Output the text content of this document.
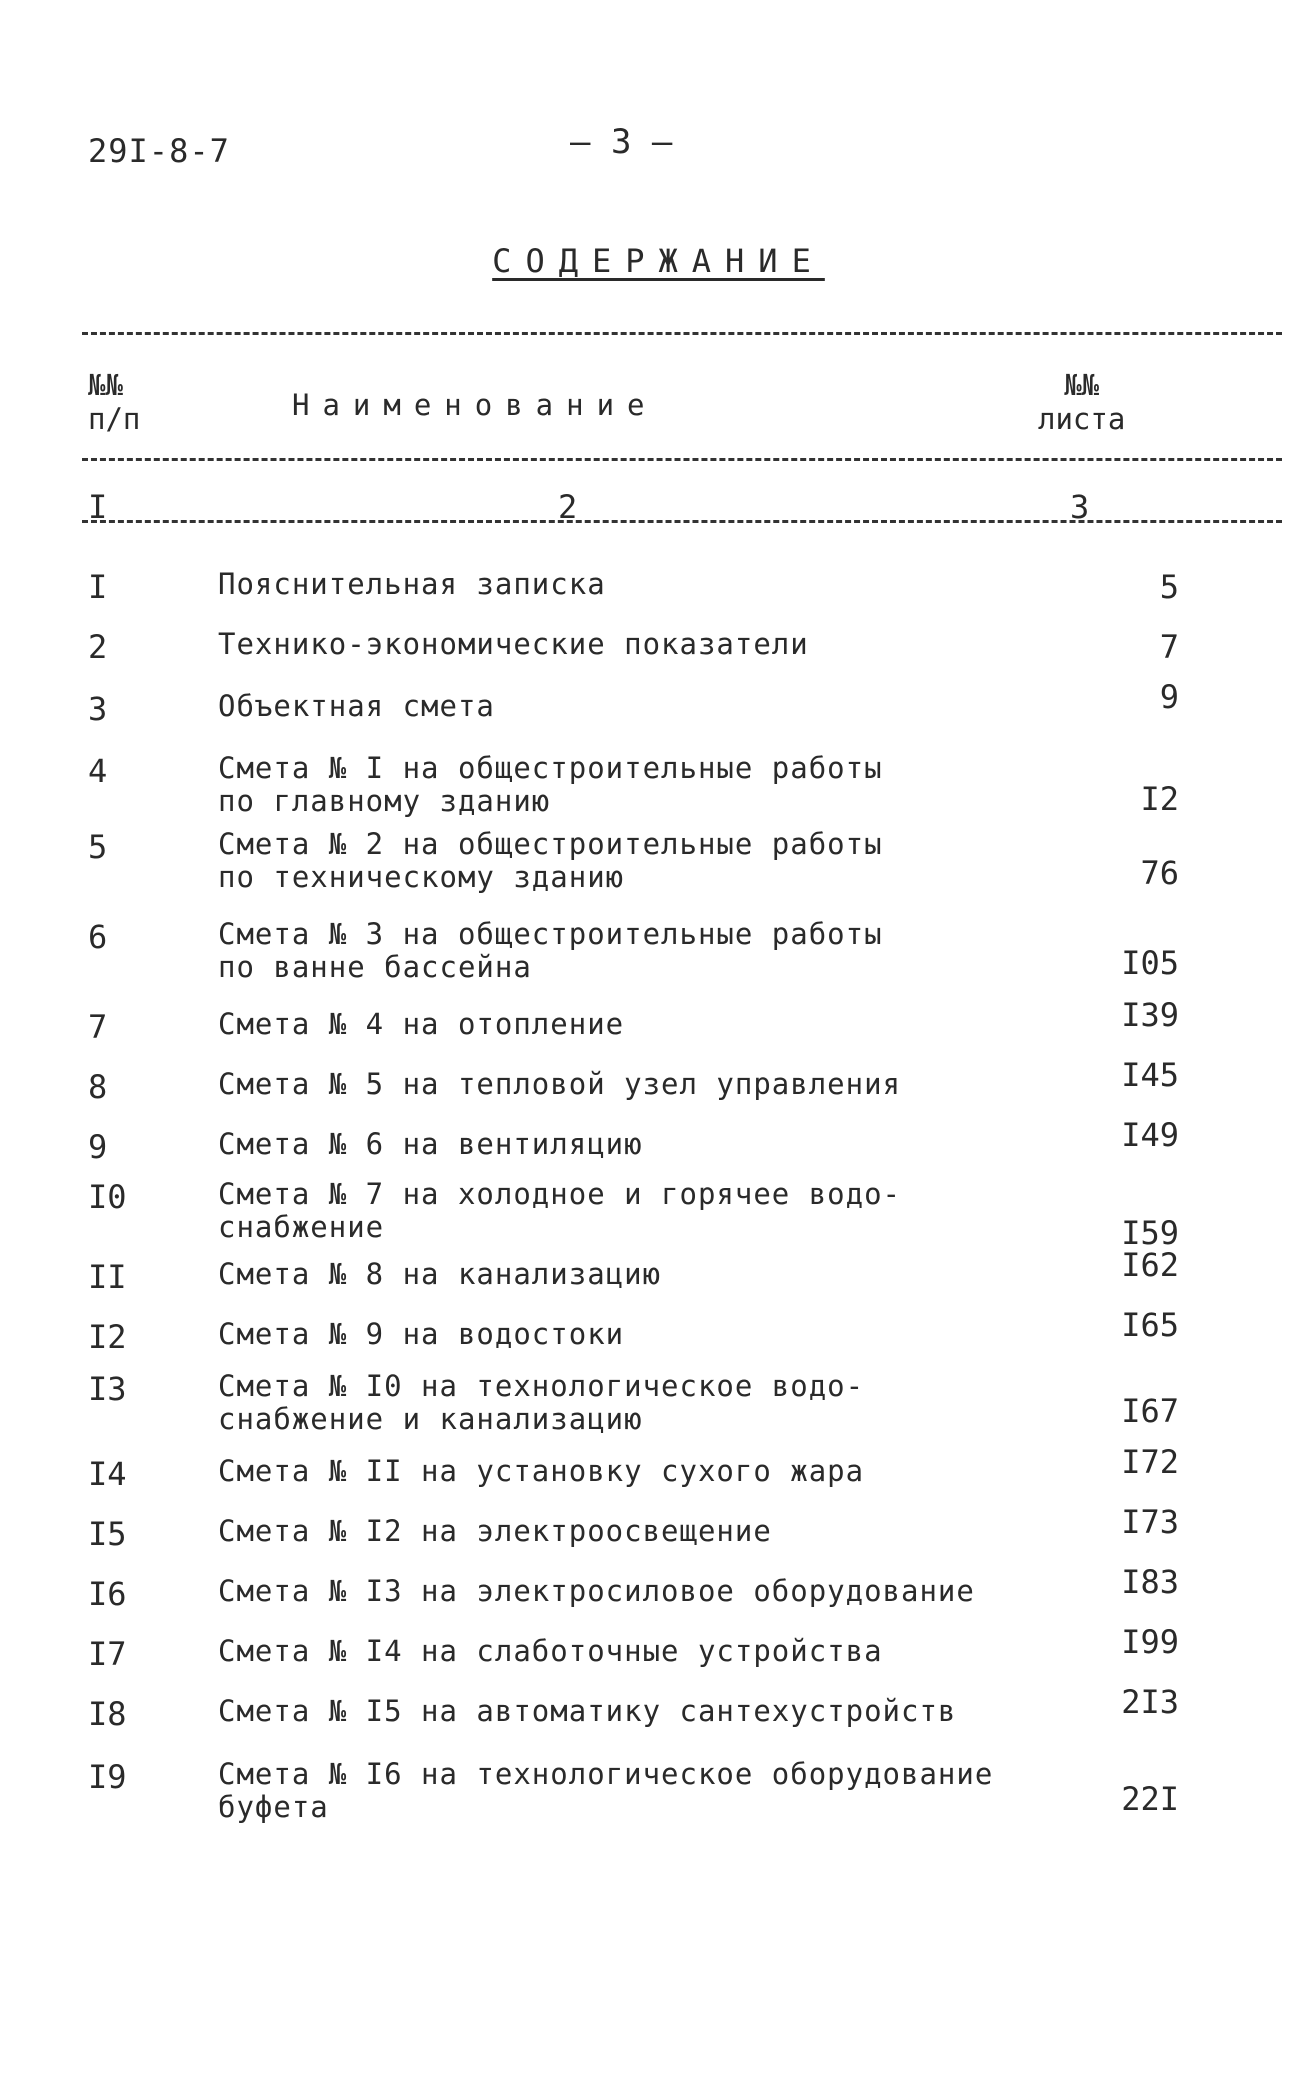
29I-8-7	— 3 —
СОДЕРЖАНИЕ
№№
п/п	Наименование
№№
листа
I	2	3
I	Пояснительная записка	5
2	Технико-экономические показатели	7
3	Объектная смета	9
4	Смета № I на общестроительные работы
по главному зданию	I2
5	Смета № 2 на общестроительные работы
по техническому зданию	76
6	Смета № 3 на общестроительные работы
по ванне бассейна	I05
7	Смета № 4 на отопление	I39
8	Смета № 5 на тепловой узел управления	I45
9	Смета № 6 на вентиляцию	I49
I0	Смета № 7 на холодное и горячее водо-
снабжение	I59
II	Смета № 8 на канализацию	I62
I2	Смета № 9 на водостоки	I65
I3	Смета № I0 на технологическое водо-
снабжение и канализацию	I67
I4	Смета № II на установку сухого жара	I72
I5	Смета № I2 на электроосвещение	I73
I6	Смета № I3 на электросиловое оборудование	I83
I7	Смета № I4 на слаботочные устройства	I99
I8	Смета № I5 на автоматику сантехустройств	2I3
I9	Смета № I6 на технологическое оборудование
буфета	22I
